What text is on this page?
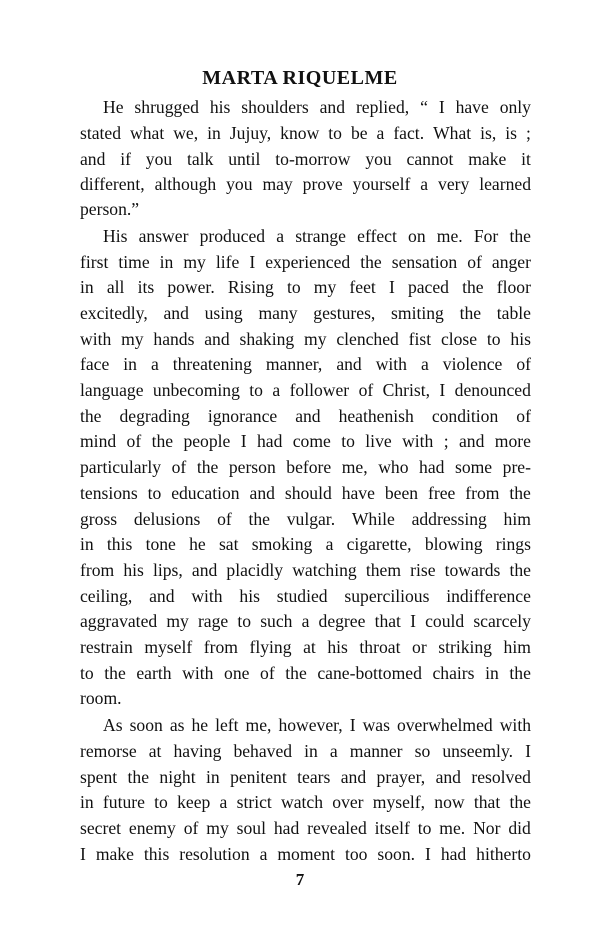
MARTA RIQUELME
He shrugged his shoulders and replied, “ I have only
stated what we, in Jujuy, know to be a fact. What is, is ;
and if you talk until to-morrow you cannot make it
different, although you may prove yourself a very learned
person.”
His answer produced a strange effect on me. For the
first time in my life I experienced the sensation of anger
in all its power. Rising to my feet I paced the floor
excitedly, and using many gestures, smiting the table
with my hands and shaking my clenched fist close to his
face in a threatening manner, and with a violence of
language unbecoming to a follower of Christ, I denounced
the degrading ignorance and heathenish condition of
mind of the people I had come to live with ; and more
particularly of the person before me, who had some pre-
tensions to education and should have been free from the
gross delusions of the vulgar. While addressing him
in this tone he sat smoking a cigarette, blowing rings
from his lips, and placidly watching them rise towards the
ceiling, and with his studied supercilious indifference
aggravated my rage to such a degree that I could scarcely
restrain myself from flying at his throat or striking him
to the earth with one of the cane-bottomed chairs in the
room.
As soon as he left me, however, I was overwhelmed with
remorse at having behaved in a manner so unseemly. I
spent the night in penitent tears and prayer, and resolved
in future to keep a strict watch over myself, now that the
secret enemy of my soul had revealed itself to me. Nor did
I make this resolution a moment too soon. I had hitherto
7
